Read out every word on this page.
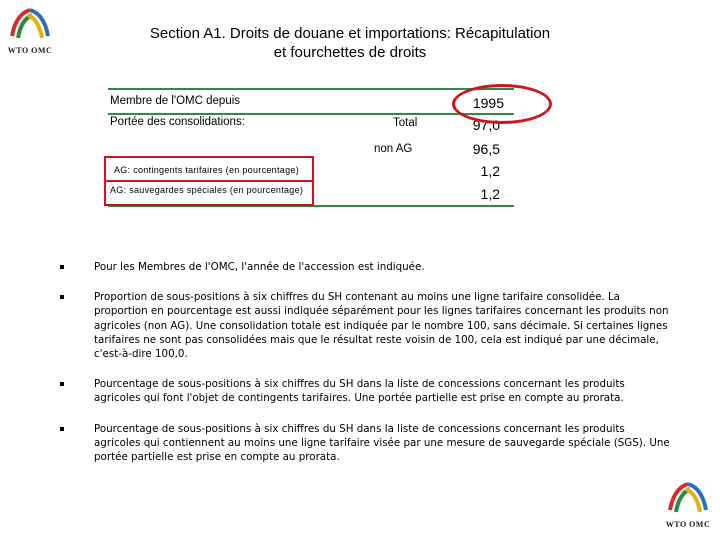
WTO OMC
Section A1. Droits de douane et importations: Récapitulation
et fourchettes de droits
Membre de l'OMC depuis	1995
Portée des consolidations:	Total	97,0
non AG	96,5
AG: contingents tarifaires (en pourcentage)	1,2
AG: sauvegardes spéciales (en pourcentage)	1,2
Pour les Membres de l'OMC, l'année de l'accession est indiquée.
Proportion de sous-positions à six chiffres du SH contenant au moins une ligne tarifaire consolidée. La proportion en pourcentage est aussi indiquée séparément pour les lignes tarifaires concernant les produits non agricoles (non AG). Une consolidation totale est indiquée par le nombre 100, sans décimale. Si certaines lignes tarifaires ne sont pas consolidées mais que le résultat reste voisin de 100, cela est indiqué par une décimale, c'est-à-dire 100,0.
Pourcentage de sous-positions à six chiffres du SH dans la liste de concessions concernant les produits agricoles qui font l'objet de contingents tarifaires. Une portée partielle est prise en compte au prorata.
Pourcentage de sous-positions à six chiffres du SH dans la liste de concessions concernant les produits agricoles qui contiennent au moins une ligne tarifaire visée par une mesure de sauvegarde spéciale (SGS). Une portée partielle est prise en compte au prorata.
WTO OMC
